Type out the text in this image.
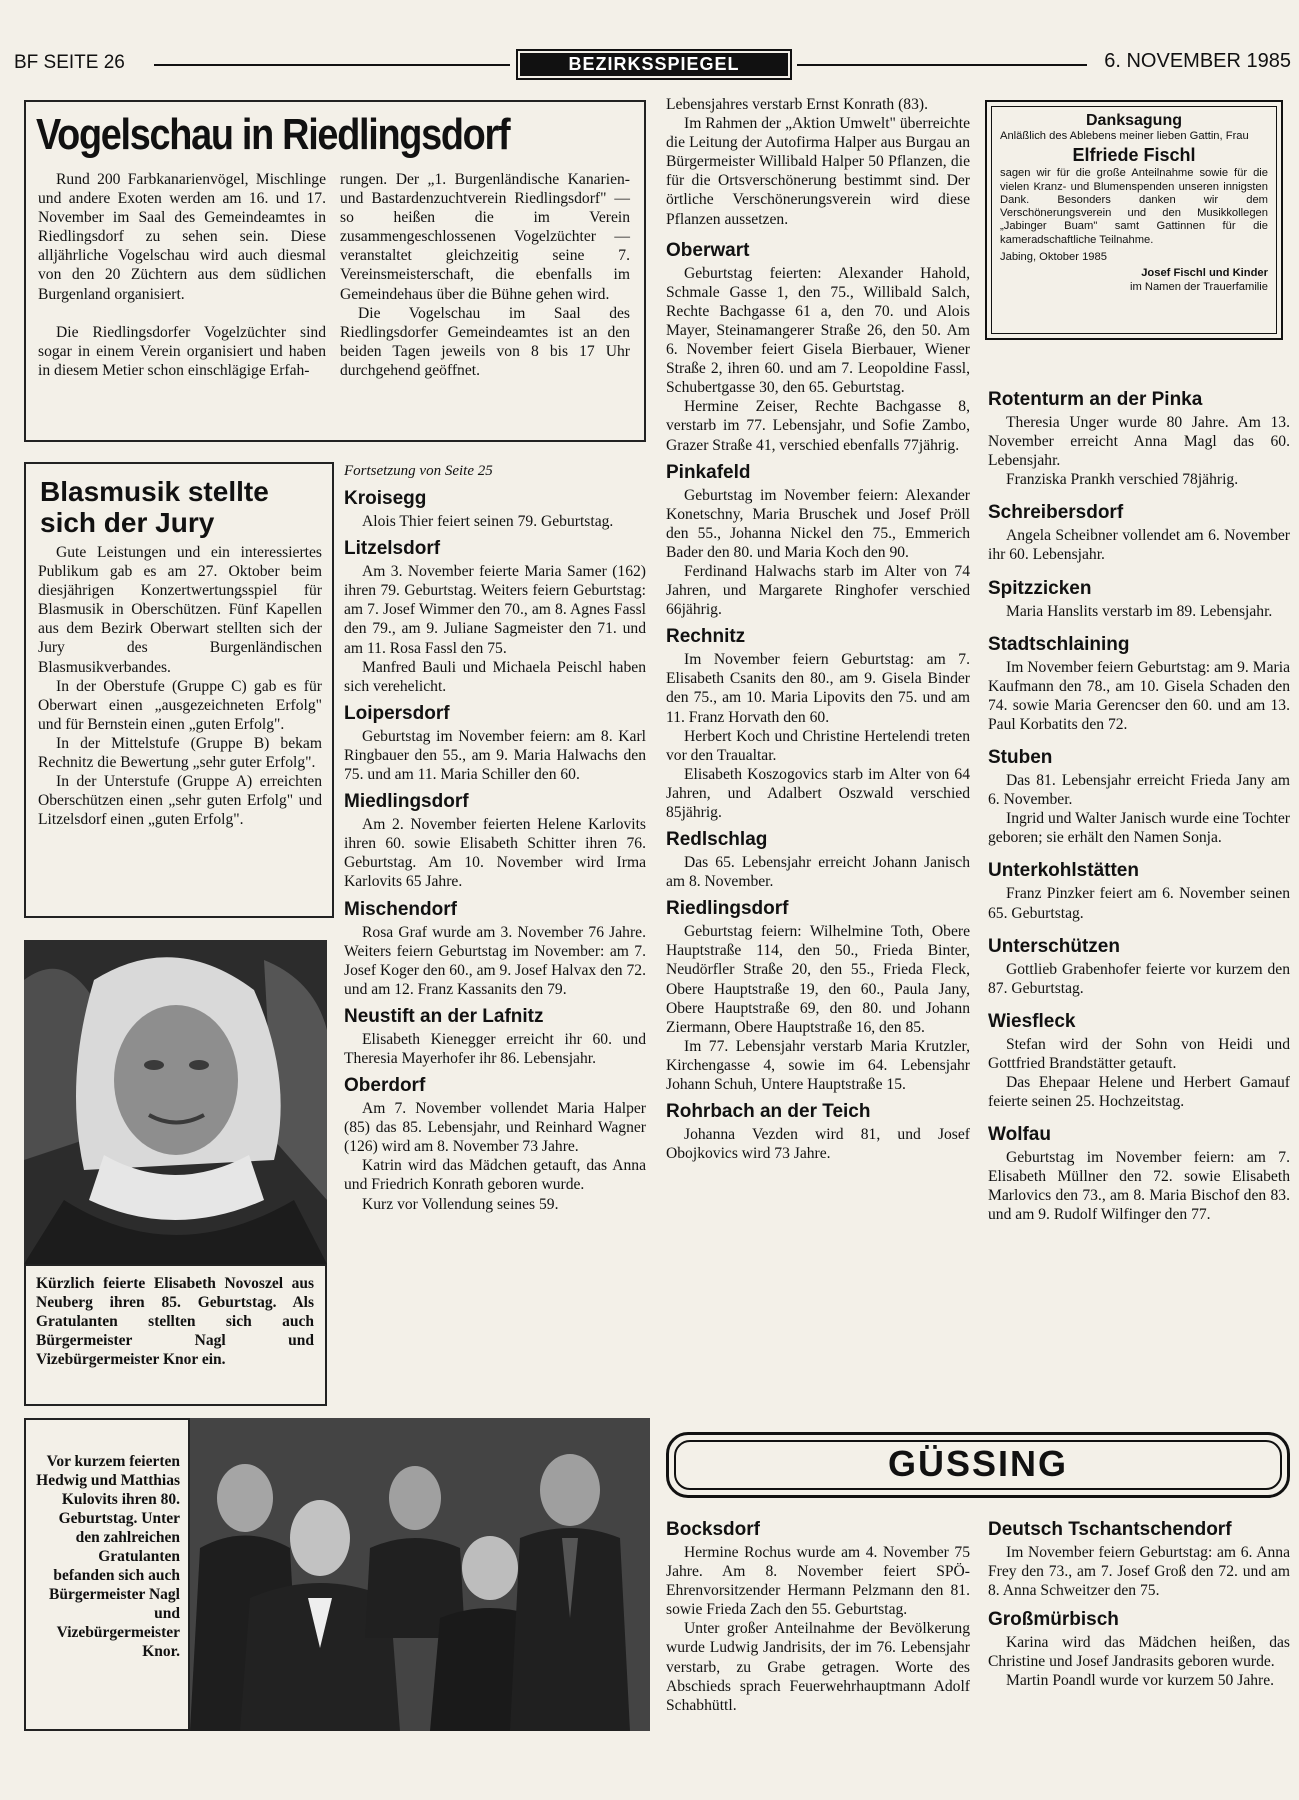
BF SEITE 26	BEZIRKSSPIEGEL	6. NOVEMBER 1985
Vogelschau in Riedlingsdorf

Rund 200 Farbkanarienvögel, Mischlinge und andere Exoten werden am 16. und 17. November im Saal des Gemeindeamtes in Riedlingsdorf zu sehen sein. Diese alljährliche Vogelschau wird auch diesmal von den 20 Züchtern aus dem südlichen Burgenland organisiert.

Die Riedlingsdorfer Vogelzüchter sind sogar in einem Verein organisiert und haben in diesem Metier schon einschlägige Erfah-

rungen. Der „1. Burgenländische Kanarien- und Bastardenzuchtverein Riedlingsdorf" — so heißen die im Verein zusammengeschlossenen Vogelzüchter — veranstaltet gleichzeitig seine 7. Vereinsmeisterschaft, die ebenfalls im Gemeindehaus über die Bühne gehen wird.

Die Vogelschau im Saal des Riedlingsdorfer Gemeindeamtes ist an den beiden Tagen jeweils von 8 bis 17 Uhr durchgehend geöffnet.

Blasmusik stellte
sich der Jury

Gute Leistungen und ein interessiertes Publikum gab es am 27. Oktober beim diesjährigen Konzertwertungsspiel für Blasmusik in Oberschützen. Fünf Kapellen aus dem Bezirk Oberwart stellten sich der Jury des Burgenländischen Blasmusikverbandes.

In der Oberstufe (Gruppe C) gab es für Oberwart einen „ausgezeichneten Erfolg" und für Bernstein einen „guten Erfolg".

In der Mittelstufe (Gruppe B) bekam Rechnitz die Bewertung „sehr guter Erfolg".

In der Unterstufe (Gruppe A) erreichten Oberschützen einen „sehr guten Erfolg" und Litzelsdorf einen „guten Erfolg".

Kürzlich feierte Elisabeth Novoszel aus Neuberg ihren 85. Geburtstag. Als Gratulanten stellten sich auch Bürgermeister Nagl und Vizebürgermeister Knor ein.
Vor kurzem feierten Hedwig und Matthias Kulovits ihren 80. Geburtstag. Unter den zahlreichen Gratulanten befanden sich auch Bürgermeister Nagl und Vizebürgermeister Knor.
Fortsetzung von Seite 25
Kroisegg

Alois Thier feiert seinen 79. Geburtstag.

Litzelsdorf

Am 3. November feierte Maria Samer (162) ihren 79. Geburtstag. Weiters feiern Geburtstag: am 7. Josef Wimmer den 70., am 8. Agnes Fassl den 79., am 9. Juliane Sagmeister den 71. und am 11. Rosa Fassl den 75.

Manfred Bauli und Michaela Peischl haben sich verehelicht.

Loipersdorf

Geburtstag im November feiern: am 8. Karl Ringbauer den 55., am 9. Maria Halwachs den 75. und am 11. Maria Schiller den 60.

Miedlingsdorf

Am 2. November feierten Helene Karlovits ihren 60. sowie Elisabeth Schitter ihren 76. Geburtstag. Am 10. November wird Irma Karlovits 65 Jahre.

Mischendorf

Rosa Graf wurde am 3. November 76 Jahre. Weiters feiern Geburtstag im November: am 7. Josef Koger den 60., am 9. Josef Halvax den 72. und am 12. Franz Kassanits den 79.

Neustift an der Lafnitz

Elisabeth Kienegger erreicht ihr 60. und Theresia Mayerhofer ihr 86. Lebensjahr.

Oberdorf

Am 7. November vollendet Maria Halper (85) das 85. Lebensjahr, und Reinhard Wagner (126) wird am 8. November 73 Jahre.

Katrin wird das Mädchen getauft, das Anna und Friedrich Konrath geboren wurde.

Kurz vor Vollendung seines 59.

Lebensjahres verstarb Ernst Konrath (83).

Im Rahmen der „Aktion Umwelt" überreichte die Leitung der Autofirma Halper aus Burgau an Bürgermeister Willibald Halper 50 Pflanzen, die für die Ortsverschönerung bestimmt sind. Der örtliche Verschönerungsverein wird diese Pflanzen aussetzen.

Oberwart

Geburtstag feierten: Alexander Hahold, Schmale Gasse 1, den 75., Willibald Salch, Rechte Bachgasse 61 a, den 70. und Alois Mayer, Steinamangerer Straße 26, den 50. Am 6. November feiert Gisela Bierbauer, Wiener Straße 2, ihren 60. und am 7. Leopoldine Fassl, Schubertgasse 30, den 65. Geburtstag.

Hermine Zeiser, Rechte Bachgasse 8, verstarb im 77. Lebensjahr, und Sofie Zambo, Grazer Straße 41, verschied ebenfalls 77jährig.

Pinkafeld

Geburtstag im November feiern: Alexander Konetschny, Maria Bruschek und Josef Pröll den 55., Johanna Nickel den 75., Emmerich Bader den 80. und Maria Koch den 90.

Ferdinand Halwachs starb im Alter von 74 Jahren, und Margarete Ringhofer verschied 66jährig.

Rechnitz

Im November feiern Geburtstag: am 7. Elisabeth Csanits den 80., am 9. Gisela Binder den 75., am 10. Maria Lipovits den 75. und am 11. Franz Horvath den 60.

Herbert Koch und Christine Hertelendi treten vor den Traualtar.

Elisabeth Koszogovics starb im Alter von 64 Jahren, und Adalbert Oszwald verschied 85jährig.

Redlschlag

Das 65. Lebensjahr erreicht Johann Janisch am 8. November.

Riedlingsdorf

Geburtstag feiern: Wilhelmine Toth, Obere Hauptstraße 114, den 50., Frieda Binter, Neudörfler Straße 20, den 55., Frieda Fleck, Obere Hauptstraße 19, den 60., Paula Jany, Obere Hauptstraße 69, den 80. und Johann Ziermann, Obere Hauptstraße 16, den 85.

Im 77. Lebensjahr verstarb Maria Krutzler, Kirchengasse 4, sowie im 64. Lebensjahr Johann Schuh, Untere Hauptstraße 15.

Rohrbach an der Teich

Johanna Vezden wird 81, und Josef Obojkovics wird 73 Jahre.

Danksagung
Anläßlich des Ablebens meiner lieben Gattin, Frau
Elfriede Fischl
sagen wir für die große Anteilnahme sowie für die vielen Kranz- und Blumenspenden unseren innigsten Dank. Besonders danken wir dem Verschönerungsverein und den Musikkollegen „Jabinger Buam" samt Gattinnen für die kameradschaftliche Teilnahme.
Jabing, Oktober 1985
Josef Fischl und Kinder
im Namen der Trauerfamilie
Rotenturm an der Pinka

Theresia Unger wurde 80 Jahre. Am 13. November erreicht Anna Magl das 60. Lebensjahr.

Franziska Prankh verschied 78jährig.

Schreibersdorf

Angela Scheibner vollendet am 6. November ihr 60. Lebensjahr.

Spitzzicken

Maria Hanslits verstarb im 89. Lebensjahr.

Stadtschlaining

Im November feiern Geburtstag: am 9. Maria Kaufmann den 78., am 10. Gisela Schaden den 74. sowie Maria Gerencser den 60. und am 13. Paul Korbatits den 72.

Stuben

Das 81. Lebensjahr erreicht Frieda Jany am 6. November.

Ingrid und Walter Janisch wurde eine Tochter geboren; sie erhält den Namen Sonja.

Unterkohlstätten

Franz Pinzker feiert am 6. November seinen 65. Geburtstag.

Unterschützen

Gottlieb Grabenhofer feierte vor kurzem den 87. Geburtstag.

Wiesfleck

Stefan wird der Sohn von Heidi und Gottfried Brandstätter getauft.

Das Ehepaar Helene und Herbert Gamauf feierte seinen 25. Hochzeitstag.

Wolfau

Geburtstag im November feiern: am 7. Elisabeth Müllner den 72. sowie Elisabeth Marlovics den 73., am 8. Maria Bischof den 83. und am 9. Rudolf Wilfinger den 77.

GÜSSING
Bocksdorf

Hermine Rochus wurde am 4. November 75 Jahre. Am 8. November feiert SPÖ-Ehrenvorsitzender Hermann Pelzmann den 81. sowie Frieda Zach den 55. Geburtstag.

Unter großer Anteilnahme der Bevölkerung wurde Ludwig Jandrisits, der im 76. Lebensjahr verstarb, zu Grabe getragen. Worte des Abschieds sprach Feuerwehrhauptmann Adolf Schabhüttl.

Deutsch Tschantschendorf

Im November feiern Geburtstag: am 6. Anna Frey den 73., am 7. Josef Groß den 72. und am 8. Anna Schweitzer den 75.

Großmürbisch

Karina wird das Mädchen heißen, das Christine und Josef Jandrasits geboren wurde.

Martin Poandl wurde vor kurzem 50 Jahre.
